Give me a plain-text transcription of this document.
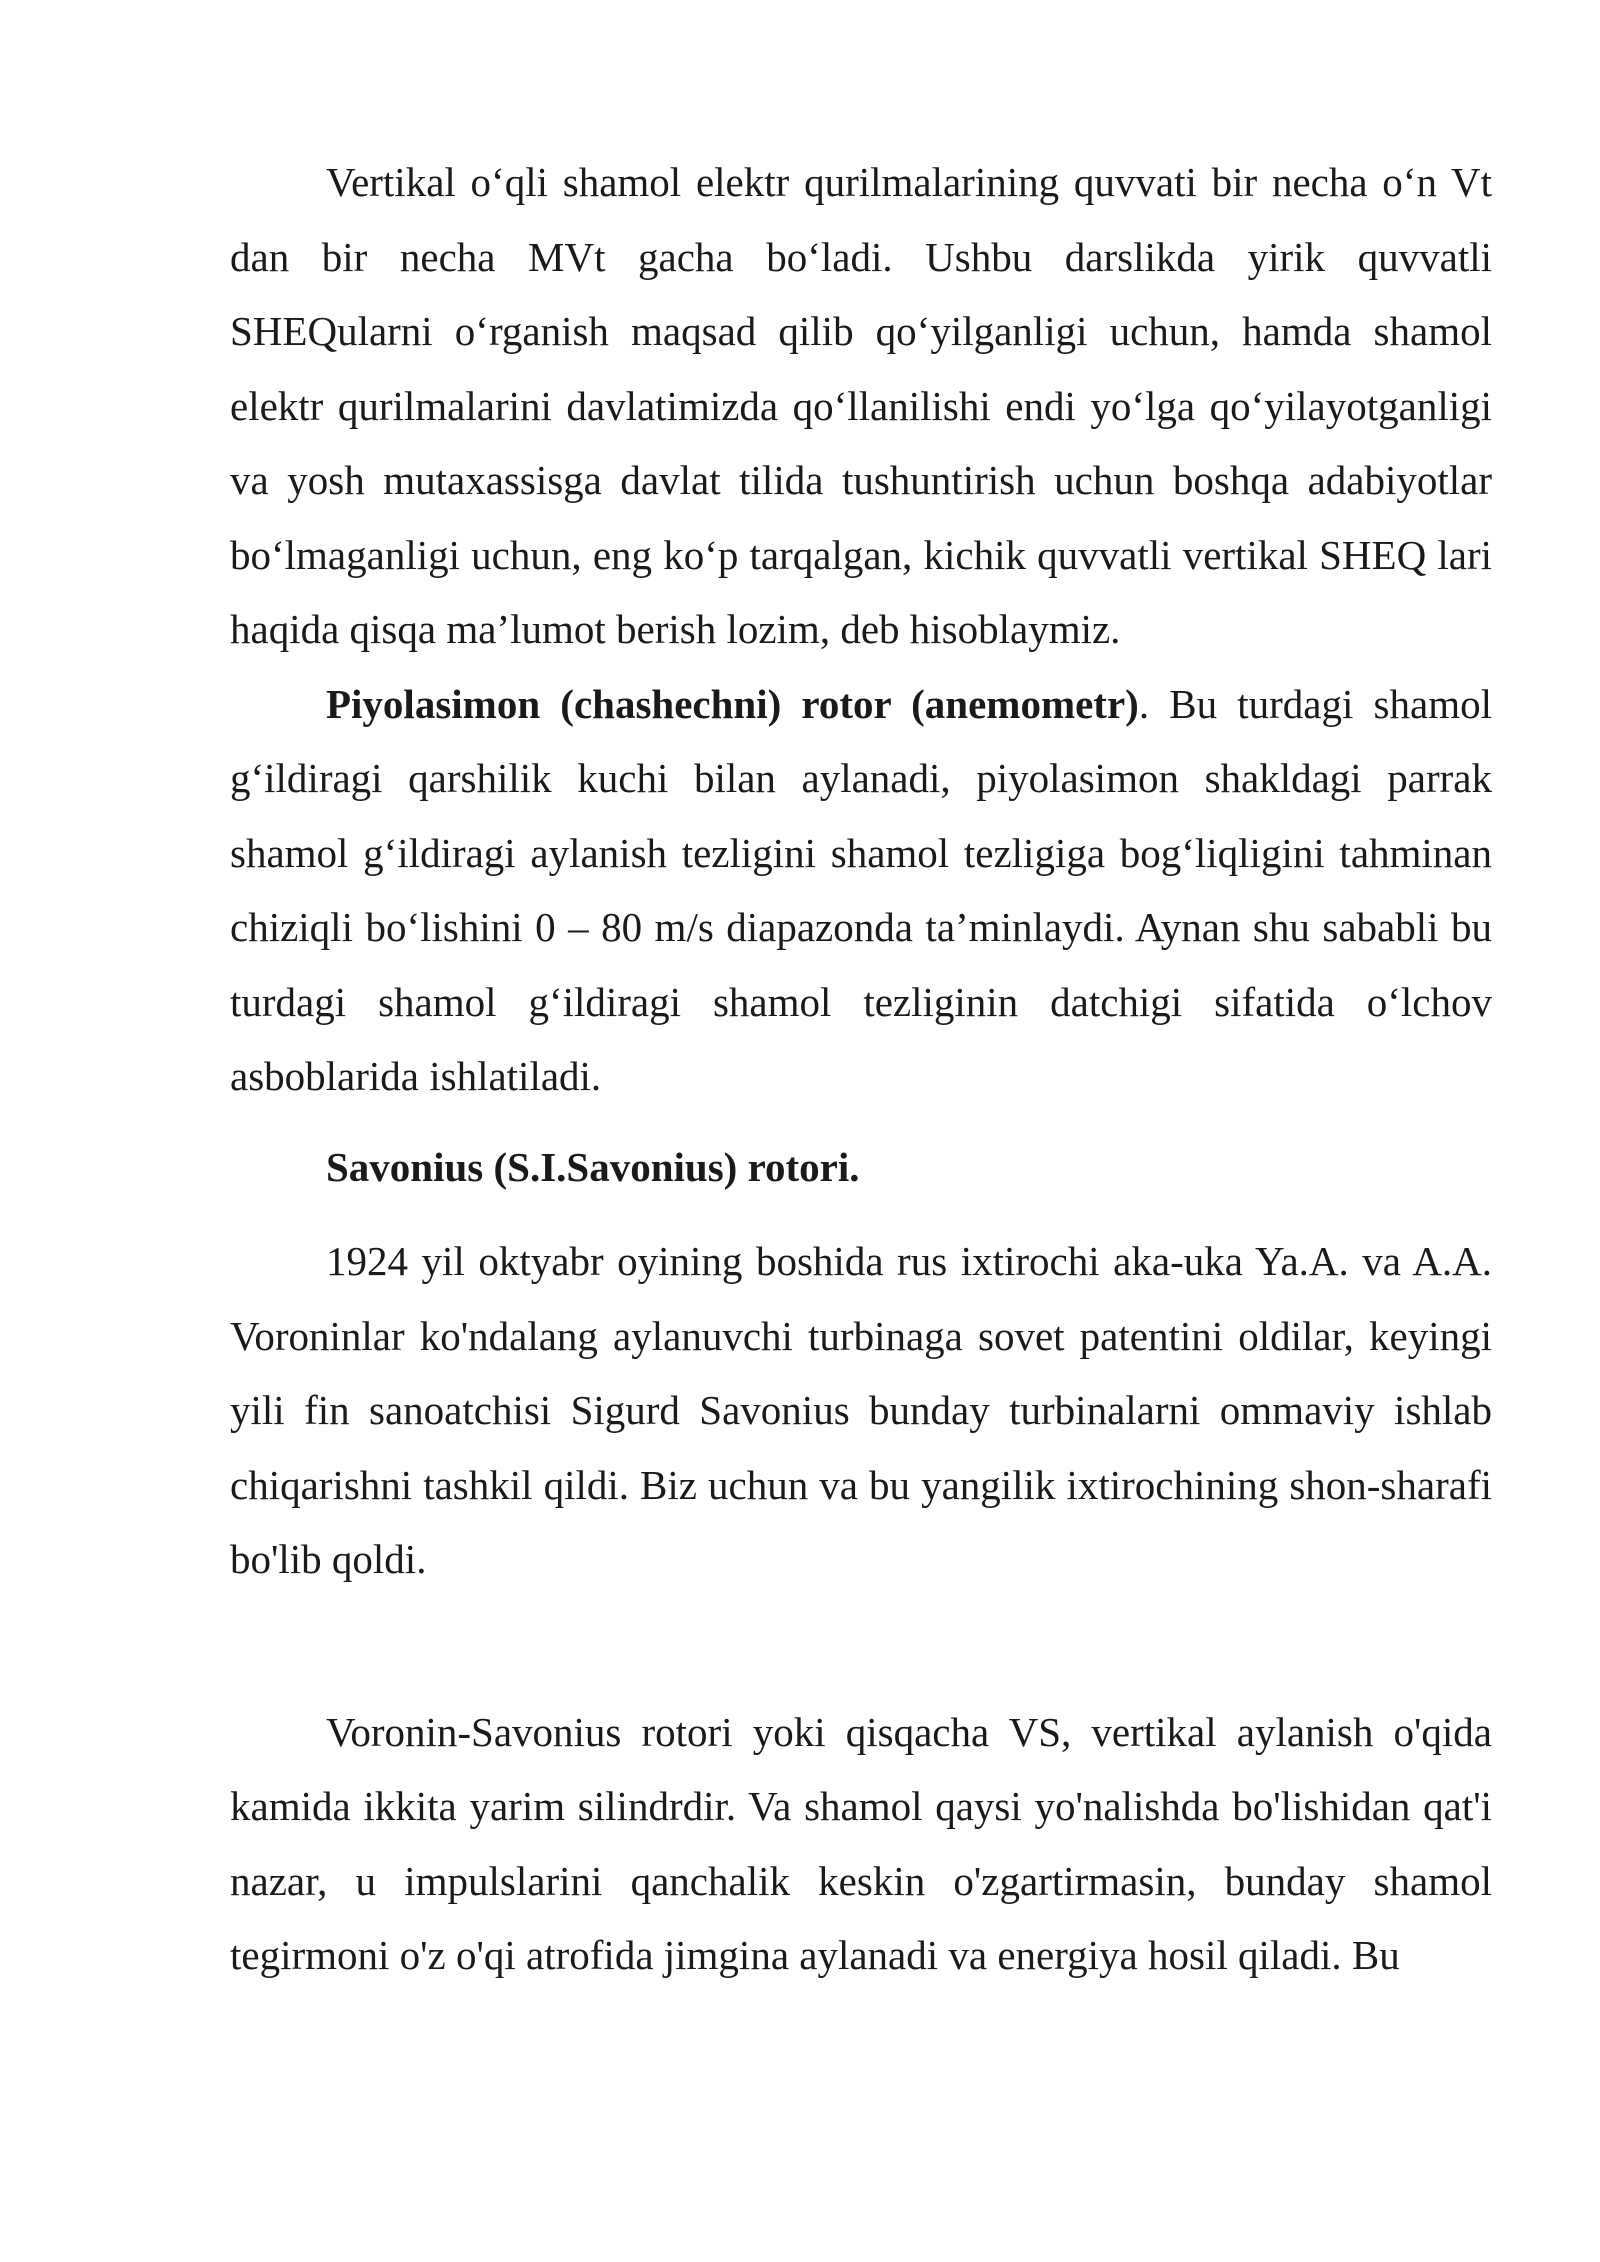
Vertikal o‘qli shamol elektr qurilmalarining quvvati bir necha o‘n Vt dan bir necha MVt gacha bo‘ladi. Ushbu darslikda yirik quvvatli SHEQularni o‘rganish maqsad qilib qo‘yilganligi uchun, hamda shamol elektr qurilmalarini davlatimizda qo‘llanilishi endi yo‘lga qo‘yilayotganligi va yosh mutaxassisga davlat tilida tushuntirish uchun boshqa adabiyotlar bo‘lmaganligi uchun, eng ko‘p tarqalgan, kichik quvvatli vertikal SHEQ lari haqida qisqa ma’lumot berish lozim, deb hisoblaymiz.

Piyolasimon (chashechni) rotor (anemometr). Bu turdagi shamol g‘ildiragi qarshilik kuchi bilan aylanadi, piyolasimon shakldagi parrak shamol g‘ildiragi aylanish tezligini shamol tezligiga bog‘liqligini tahminan chiziqli bo‘lishini 0 – 80 m/s diapazonda ta’minlaydi. Aynan shu sababli bu turdagi shamol g‘ildiragi shamol tezliginin datchigi sifatida o‘lchov asboblarida ishlatiladi.

Savonius (S.I.Savonius) rotori.

1924 yil oktyabr oyining boshida rus ixtirochi aka-uka Ya.A. va A.A. Voroninlar ko'ndalang aylanuvchi turbinaga sovet patentini oldilar, keyingi yili fin sanoatchisi Sigurd Savonius bunday turbinalarni ommaviy ishlab chiqarishni tashkil qildi. Biz uchun va bu yangilik ixtirochining shon-sharafi bo'lib qoldi.

Voronin-Savonius rotori yoki qisqacha VS, vertikal aylanish o'qida kamida ikkita yarim silindrdir. Va shamol qaysi yo'nalishda bo'lishidan qat'i nazar, u impulslarini qanchalik keskin o'zgartirmasin, bunday shamol tegirmoni o'z o'qi atrofida jimgina aylanadi va energiya hosil qiladi. Bu
